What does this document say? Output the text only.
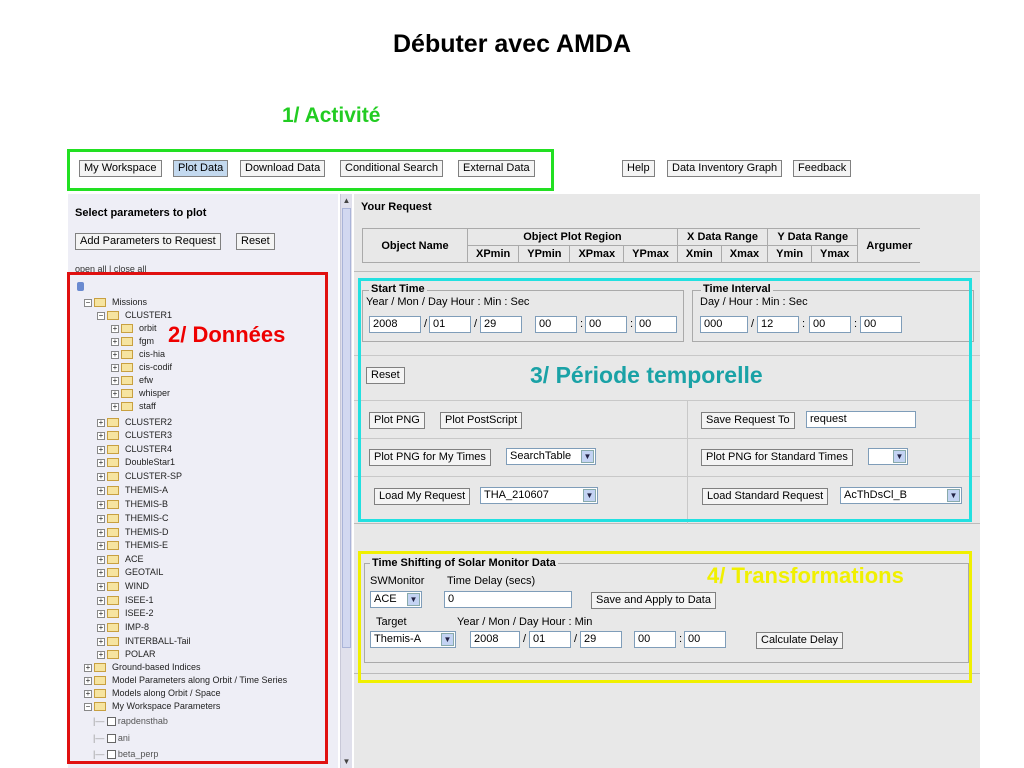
Débuter avec AMDA
1/ Activité
My Workspace	Plot Data	Download Data	Conditional Search	External Data	Help	Data Inventory Graph	Feedback
Select parameters to plot
Add Parameters to Request	Reset
open all | close all
− Missions
− CLUSTER1
+ orbit
+ fgm
+ cis-hia
+ cis-codif
+ efw
+ whisper
+ staff
+ CLUSTER2
+ CLUSTER3
+ CLUSTER4
+ DoubleStar1
+ CLUSTER-SP
+ THEMIS-A
+ THEMIS-B
+ THEMIS-C
+ THEMIS-D
+ THEMIS-E
+ ACE
+ GEOTAIL
+ WIND
+ ISEE-1
+ ISEE-2
+ IMP-8
+ INTERBALL-Tail
+ POLAR
+ Ground-based Indices
+ Model Parameters along Orbit / Time Series
+ Models along Orbit / Space
− My Workspace Parameters
|— rapdensthab
|— ani
|— beta_perp
▲
▼
Your Request
Object Name	Object Plot Region				X Data Range		Y Data Range		Argumer
	XPmin	YPmin	XPmax	YPmax	Xmin	Xmax	Ymin	Ymax	
Start Time
Year / Mon / Day Hour : Min : Sec
2008	/ 01	/ 29	00	: 00	: 00
Time Interval
Day / Hour : Min : Sec
000	/ 12	: 00	: 00
Reset
Plot PNG	Plot PostScript	Save Request To	request
Plot PNG for My Times	SearchTable	▼	Plot PNG for Standard Times	▼
Load My Request	THA_210607	▼	Load Standard Request	AcThDsCl_B	▼
Time Shifting of Solar Monitor Data
SWMonitor Time Delay (secs)
ACE	▼	0	Save and Apply to Data
Target	Year / Mon / Day Hour : Min
Themis-A	▼	2008	/ 01	/ 29	00	: 00	Calculate Delay
2/ Données
3/ Période temporelle
4/ Transformations
